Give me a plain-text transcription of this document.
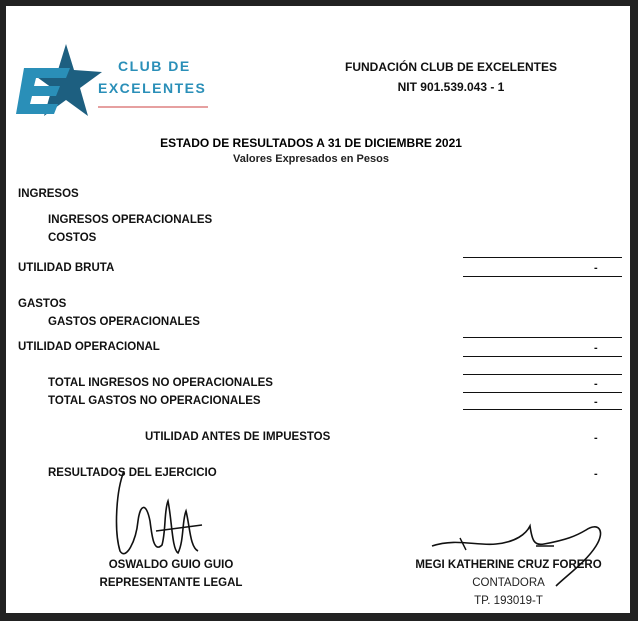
CLUB DE
EXCELENTES
FUNDACIÓN CLUB DE EXCELENTES
NIT 901.539.043 - 1
ESTADO DE RESULTADOS A 31 DE DICIEMBRE 2021
Valores Expresados en Pesos
INGRESOS
INGRESOS OPERACIONALES
COSTOS
UTILIDAD BRUTA	-
GASTOS
GASTOS OPERACIONALES
UTILIDAD OPERACIONAL	-
TOTAL INGRESOS NO OPERACIONALES	-
TOTAL GASTOS NO OPERACIONALES	-
UTILIDAD ANTES DE IMPUESTOS	-
RESULTADOS DEL EJERCICIO	-
OSWALDO GUIO GUIO
REPRESENTANTE LEGAL
MEGI KATHERINE CRUZ FORERO
CONTADORA
TP. 193019-T
